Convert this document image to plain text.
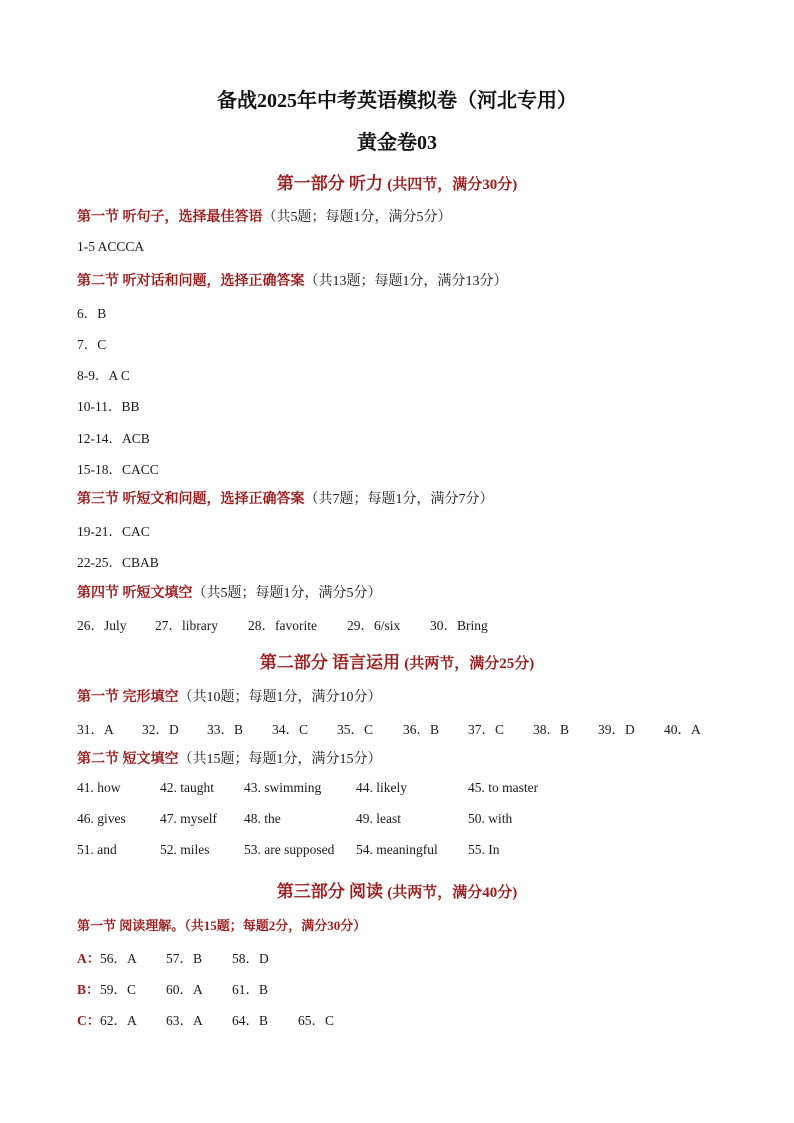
备战2025年中考英语模拟卷（河北专用）
黄金卷03
第一部分 听力 (共四节，满分30分)
第一节 听句子，选择最佳答语（共5题；每题1分，满分5分）
1-5 ACCCA
第二节 听对话和问题，选择正确答案（共13题；每题1分，满分13分）
6．B
7．C
8-9．A C
10-11．BB
12-14．ACB
15-18．CACC
第三节 听短文和问题，选择正确答案（共7题；每题1分，满分7分）
19-21．CAC
22-25．CBAB
第四节 听短文填空（共5题；每题1分，满分5分）
26．July 27．library 28．favorite 29．6/six 30．Bring
第二部分 语言运用 (共两节，满分25分)
第一节 完形填空（共10题；每题1分，满分10分）
31．A 32．D 33．B 34．C 35．C 36．B 37．C 38．B 39．D 40．A
第二节 短文填空（共15题；每题1分，满分15分）
41. how	42. taught 43. swimming	44. likely	45. to master
46. gives	47. myself 48. the	49. least	50. with
51. and	52. miles	53. are supposed 54. meaningful 55. In
第三部分 阅读 (共两节，满分40分)
第一节 阅读理解。（共15题；每题2分，满分30分）
A： 56．A 57．B 58．D
B： 59．C 60．A 61．B
C： 62．A 63．A 64．B 65．C
